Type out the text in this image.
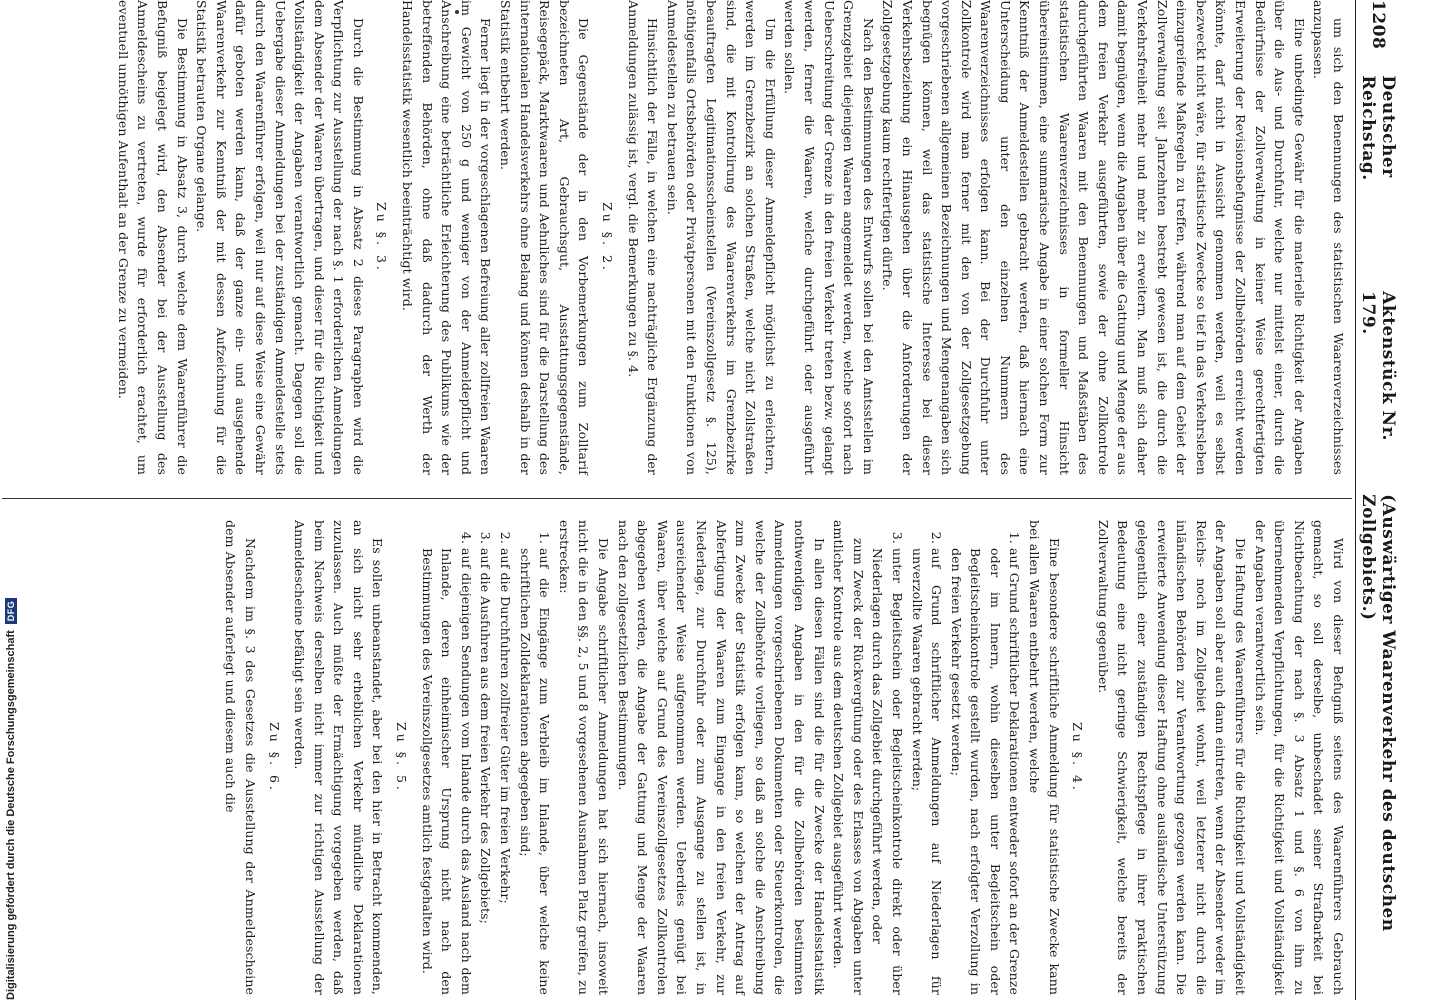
1208
Deutscher Reichstag.
Aktenstück Nr. 179.
(Auswärtiger Waarenverkehr des deutschen Zollgebiets.)

um sich den Benennungen des statistischen Waarenverzeichnisses anzupassen.

Eine unbedingte Gewähr für die materielle Richtigkeit der Angaben über die Aus- und Durchfuhr, welche nur mittelst einer, durch die Bedürfnisse der Zollverwaltung in keiner Weise gerechtfertigten Erweiterung der Revisionsbefugnisse der Zollbehörden erreicht werden könnte, darf nicht in Aussicht genommen werden, weil es selbst bezweckt nicht wäre, für statistische Zwecke so tief in das Verkehrsleben einzugreifende Maßregeln zu treffen, während man auf dem Gebiet der Zollverwaltung seit Jahrzehnten bestrebt gewesen ist, die durch die Verkehrsfreiheit mehr und mehr zu erweitern. Man muß sich daher damit begnügen, wenn die Angaben über die Gattung und Menge der aus dem freien Verkehr ausgeführten, sowie der ohne Zollkontrole durchgeführten Waaren mit den Benennungen und Maßstäben des statistischen Waarenverzeichnisses in formeller Hinsicht übereinstimmen, eine summarische Angabe in einer solchen Form zur Kenntniß der Anmeldestellen gebracht werden, daß hiernach eine Unterscheidung unter den einzelnen Nummern des Waarenverzeichnisses erfolgen kann. Bei der Durchfuhr unter Zollkontrole wird man ferner mit den von der Zollgesetzgebung vorgeschriebenen allgemeinen Bezeichnungen und Mengenangaben sich begnügen können, weil das statistische Interesse bei dieser Verkehrsbeziehung ein Hinausgehen über die Anforderungen der Zollgesetzgebung kaum rechtfertigen dürfte.

Nach den Bestimmungen des Entwurfs sollen bei den Amtsstellen im Grenzgebiet diejenigen Waaren angemeldet werden, welche sofort nach Ueberschreitung der Grenze in den freien Verkehr treten bezw. gelangt werden, ferner die Waaren, welche durchgeführt oder ausgeführt werden sollen.

Um die Erfüllung dieser Anmeldepflicht möglichst zu erleichtern, werden im Grenzbezirk an solchen Straßen, welche nicht Zollstraßen sind, die mit Kontrolirung des Waarenverkehrs im Grenzbezirke beauftragten Legitimationsscheinstellen (Vereinszollgesetz §. 125), nöthigenfalls Ortsbehörden oder Privatpersonen mit den Funktionen von Anmeldestellen zu betrauen sein.

Hinsichtlich der Fälle, in welchen eine nachträgliche Ergänzung der Anmeldungen zulässig ist, vergl. die Bemerkungen zu §. 4.

Zu §. 2.

Die Gegenstände der in den Vorbemerkungen zum Zolltarif bezeichneten Art, Gebrauchsgut, Ausstattungsgegenstände, Reisegepäck, Marktwaaren und Aehnliches sind für die Darstellung des internationalen Handelsverkehrs ohne Belang und können deshalb in der Statistik entbehrt werden.

Ferner liegt in der vorgeschlagenen Befreiung aller zollfreien Waaren im Gewicht von 250 g und weniger von der Anmeldepflicht und Anschreibung eine beträchtliche Erleichterung des Publikums wie der betreffenden Behörden, ohne daß dadurch der Werth der Handelsstatistik wesentlich beeinträchtigt wird.

Zu §. 3.

Durch die Bestimmung in Absatz 2 dieses Paragraphen wird die Verpflichtung zur Ausstellung der nach §. 1 erforderlichen Anmeldungen dem Absender der Waaren übertragen, und dieser für die Richtigkeit und Vollständigkeit der Angaben verantwortlich gemacht. Dagegen soll die Uebergabe dieser Anmeldungen bei der zuständigen Anmeldestelle stets durch den Waarenführer erfolgen, weil nur auf diese Weise eine Gewähr dafür geboten werden kann, daß der ganze ein- und ausgehende Waarenverkehr zur Kenntniß der mit dessen Aufzeichnung für die Statistik betrauten Organe gelange.

Die Bestimmung in Absatz 3, durch welche dem Waarenführer die Befugniß beigelegt wird, den Absender bei der Ausstellung des Anmeldescheins zu vertreten, wurde für erforderlich erachtet, um eventuell unnöthigen Aufenthalt an der Grenze zu vermeiden.

Wird von dieser Befugniß seitens des Waarenführers Gebrauch gemacht, so soll derselbe, unbeschadet seiner Strafbarkeit bei Nichtbeachtung der nach §. 3 Absatz 1 und §. 6 von ihm zu übernehmenden Verpflichtungen, für die Richtigkeit und Vollständigkeit der Angaben verantwortlich sein.

Die Haftung des Waarenführers für die Richtigkeit und Vollständigkeit der Angaben soll aber auch dann eintreten, wenn der Absender weder im Reichs- noch im Zollgebiet wohnt, weil letzterer nicht durch die inländischen Behörden zur Verantwortung gezogen werden kann. Die erweiterte Anwendung dieser Haftung ohne ausländische Unterstützung gelegentlich einer zuständigen Rechtspflege in ihrer praktischen Bedeutung eine nicht geringe Schwierigkeit, welche bereits der Zollverwaltung gegenüber.

Zu §. 4.

Eine besondere schriftliche Anmeldung für statistische Zwecke kann bei allen Waaren entbehrt werden, welche

1. auf Grund schriftlicher Deklarationen entweder sofort an der Grenze oder im Innern, wohin dieselben unter Begleitschein oder Begleitscheinkontrole gestellt wurden, nach erfolgter Verzollung in den freien Verkehr gesetzt werden;
2. auf Grund schriftlicher Anmeldungen auf Niederlagen für unverzollte Waaren gebracht werden;
3. unter Begleitschein oder Begleitscheinkontrole direkt oder über Niederlagen durch das Zollgebiet durchgeführt werden, oder

zum Zweck der Rückvergütung oder des Erlasses von Abgaben unter amtlicher Kontrole aus dem deutschen Zollgebiet ausgeführt werden.

In allen diesen Fällen sind die für die Zwecke der Handelsstatistik nothwendigen Angaben in den für die Zollbehörden bestimmten Anmeldungen vorgeschriebenen Dokumenten oder Steuerkontrolen, die welche der Zollbehörde vorliegen, so daß an solche die Anschreibung zum Zwecke der Statistik erfolgen kann, so welchen der Antrag auf Abfertigung der Waaren zum Eingange in den freien Verkehr, zur Niederlage, zur Durchfuhr oder zum Ausgange zu stellen ist, in ausreichender Weise aufgenommen werden. Ueberdies genügt bei Waaren, über welche auf Grund des Vereinszollgesetzes Zollkontrolen abgegeben werden, die Angabe der Gattung und Menge der Waaren nach den zollgesetzlichen Bestimmungen.

Die Angabe schriftlicher Anmeldungen hat sich hiernach, insoweit nicht die in den §§. 2, 5 und 8 vorgesehenen Ausnahmen Platz greifen, zu erstrecken:

1. auf die Eingänge zum Verbleib im Inlande, über welche keine schriftlichen Zolldeklarationen abgegeben sind;
2. auf die Durchfuhren zollfreier Güter im freien Verkehr;
3. auf die Ausfuhren aus dem freien Verkehr des Zollgebiets;
4. auf diejenigen Sendungen vom Inlande durch das Ausland nach dem Inlande, deren einheimischer Ursprung nicht nach den Bestimmungen des Vereinszollgesetzes amtlich festgehalten wird.
Zu §. 5.

Es sollen unbeanstandet, aber bei den hier in Betracht kommenden, an sich nicht sehr erheblichen Verkehr mündliche Deklarationen zuzulassen. Auch müßte der Ermächtigung vorgegeben werden, daß beim Nachweis derselben nicht immer zur richtigen Ausstellung der Anmeldescheine befähigt sein werden.

Zu §. 6.

Nachdem im §. 3 des Gesetzes die Ausstellung der Anmeldescheine dem Absender auferlegt und diesem auch die

Digitalisierung gefördert durch die Deutsche Forschungsgemeinschaft
DFG
